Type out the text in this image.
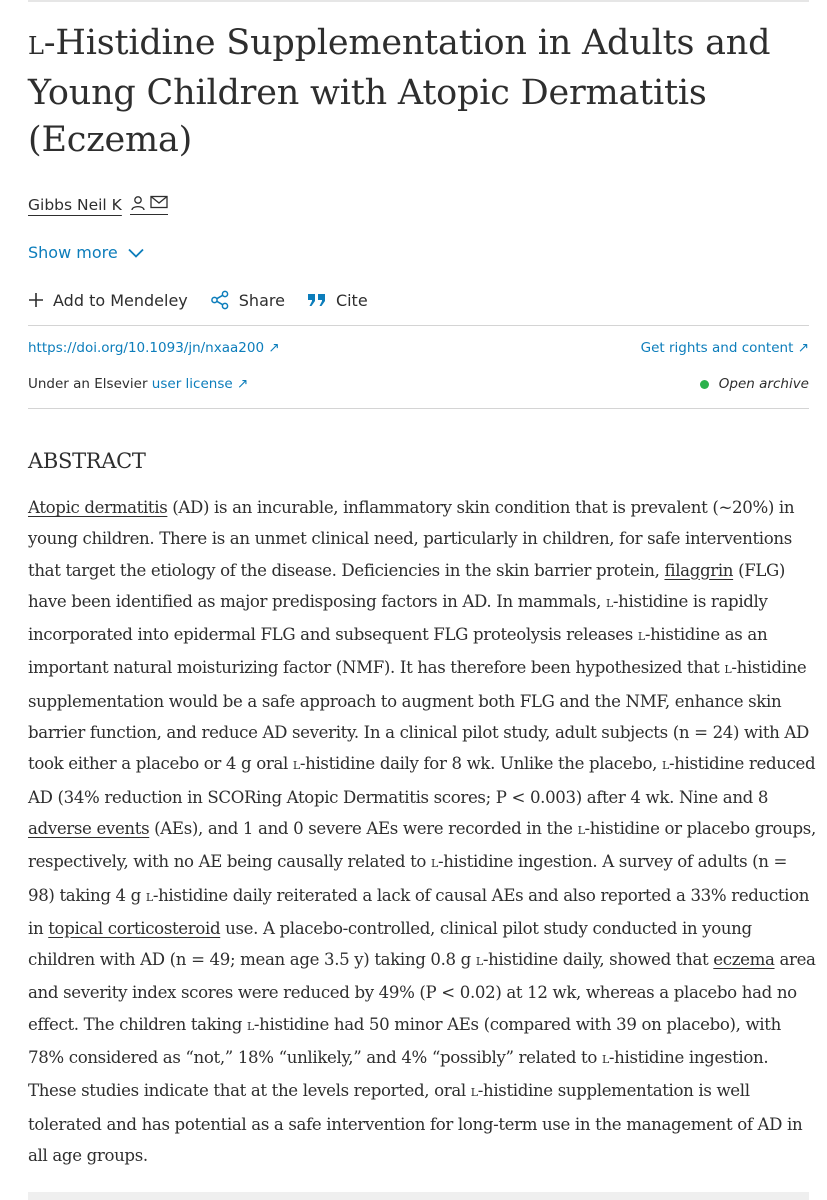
L-Histidine Supplementation in Adults and Young Children with Atopic Dermatitis (Eczema)
Gibbs Neil K
Show more
Add to Mendeley	Share	Cite
https://doi.org/10.1093/jn/nxaa200 ↗	Get rights and content ↗
Under an Elsevier user license ↗	Open archive
ABSTRACT

Atopic dermatitis (AD) is an incurable, inflammatory skin condition that is prevalent (~20%) in young children. There is an unmet clinical need, particularly in children, for safe interventions that target the etiology of the disease. Deficiencies in the skin barrier protein, filaggrin (FLG) have been identified as major predisposing factors in AD. In mammals, L-histidine is rapidly incorporated into epidermal FLG and subsequent FLG proteolysis releases L-histidine as an important natural moisturizing factor (NMF). It has therefore been hypothesized that L-histidine supplementation would be a safe approach to augment both FLG and the NMF, enhance skin barrier function, and reduce AD severity. In a clinical pilot study, adult subjects (n = 24) with AD took either a placebo or 4 g oral L-histidine daily for 8 wk. Unlike the placebo, L-histidine reduced AD (34% reduction in SCORing Atopic Dermatitis scores; P < 0.003) after 4 wk. Nine and 8 adverse events (AEs), and 1 and 0 severe AEs were recorded in the L-histidine or placebo groups, respectively, with no AE being causally related to L-histidine ingestion. A survey of adults (n = 98) taking 4 g L-histidine daily reiterated a lack of causal AEs and also reported a 33% reduction in topical corticosteroid use. A placebo-controlled, clinical pilot study conducted in young children with AD (n = 49; mean age 3.5 y) taking 0.8 g L-histidine daily, showed that eczema area and severity index scores were reduced by 49% (P < 0.02) at 12 wk, whereas a placebo had no effect. The children taking L-histidine had 50 minor AEs (compared with 39 on placebo), with 78% considered as “not,” 18% “unlikely,” and 4% “possibly” related to L-histidine ingestion. These studies indicate that at the levels reported, oral L-histidine supplementation is well tolerated and has potential as a safe intervention for long-term use in the management of AD in all age groups.
